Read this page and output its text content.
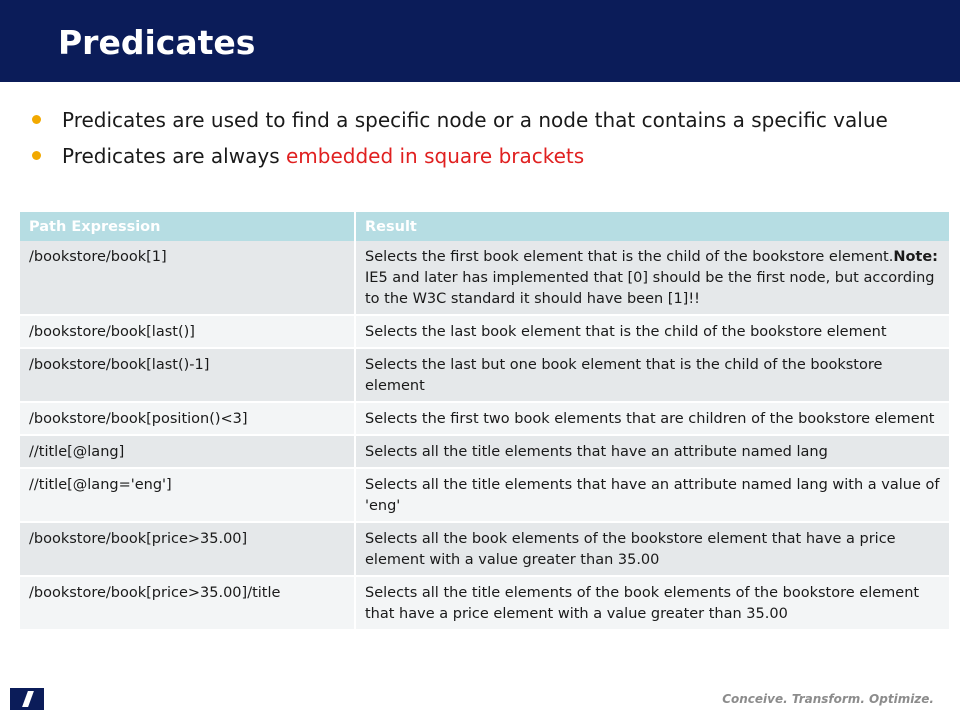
Predicates
Predicates are used to find a specific node or a node that contains a specific value
Predicates are always embedded in square brackets
Path Expression	Result
/bookstore/book[1]	Selects the first book element that is the child of the bookstore element.Note: IE5 and later has implemented that [0] should be the first node, but according to the W3C standard it should have been [1]!!
/bookstore/book[last()]	Selects the last book element that is the child of the bookstore element
/bookstore/book[last()-1]	Selects the last but one book element that is the child of the bookstore element
/bookstore/book[position()<3]	Selects the first two book elements that are children of the bookstore element
//title[@lang]	Selects all the title elements that have an attribute named lang
//title[@lang='eng']	Selects all the title elements that have an attribute named lang with a value of 'eng'
/bookstore/book[price>35.00]	Selects all the book elements of the bookstore element that have a price element with a value greater than 35.00
/bookstore/book[price>35.00]/title	Selects all the title elements of the book elements of the bookstore element that have a price element with a value greater than 35.00
Conceive. Transform. Optimize.
